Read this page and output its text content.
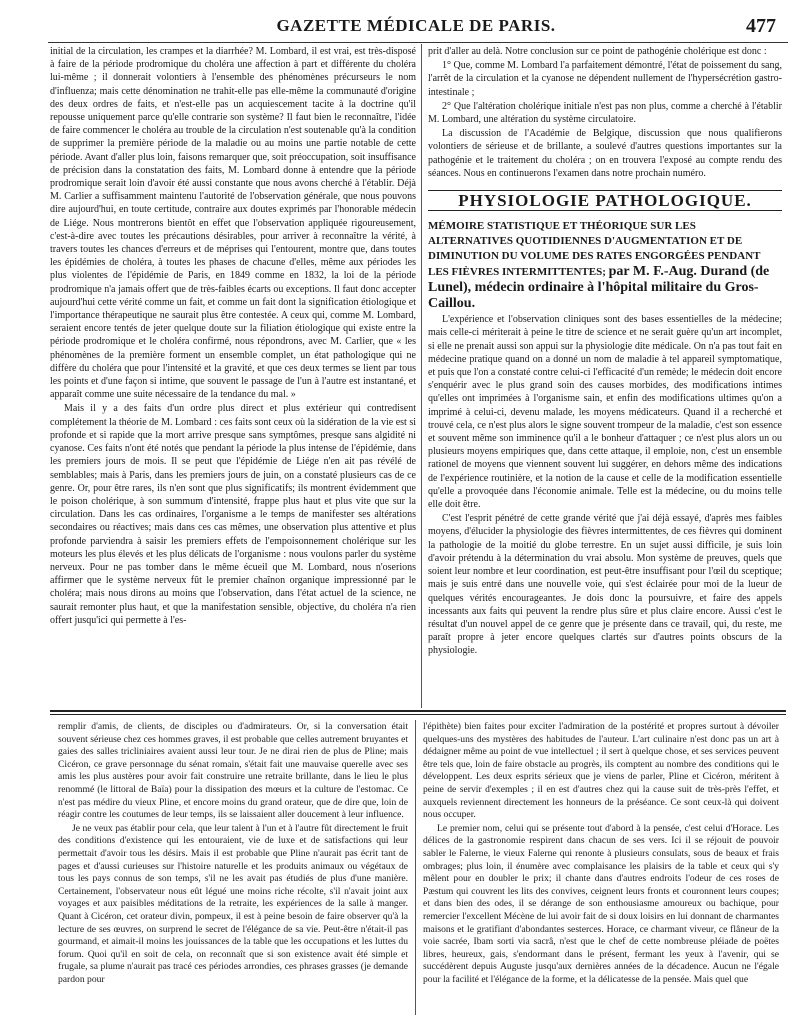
GAZETTE MÉDICALE DE PARIS.	477

initial de la circulation, les crampes et la diarrhée? M. Lombard, il est vrai, est très-disposé à faire de la période prodromique du choléra une affection à part et différente du choléra lui-même ; il donnerait volontiers à l'ensemble des phénomènes précurseurs le nom d'influenza; mais cette dénomination ne trahit-elle pas elle-même la communauté d'origine des deux ordres de faits, et n'est-elle pas un acquiescement tacite à la doctrine qu'il repousse uniquement parce qu'elle contrarie son système? Il faut bien le reconnaître, l'idée de faire commencer le choléra au trouble de la circulation n'est soutenable qu'à la condition de supprimer la première période de la maladie ou au moins une partie notable de cette période. Avant d'aller plus loin, faisons remarquer que, soit préoccupation, soit insuffisance de précision dans la constatation des faits, M. Lombard donne à entendre que la période prodromique serait loin d'avoir été aussi constante que nous avons cherché à l'établir. Déjà M. Carlier a suffisamment maintenu l'autorité de l'observation générale, que nous pouvons dire aujourd'hui, en toute certitude, contraire aux doutes exprimés par l'honorable médecin de Liége. Nous montrerons bientôt en effet que l'observation appliquée rigoureusement, c'est-à-dire avec toutes les précautions désirables, pour arriver à reconnaître la vérité, à travers toutes les chances d'erreurs et de méprises qui l'entourent, montre que, dans toutes les épidémies de choléra, à toutes les phases de chacune d'elles, même aux périodes les plus violentes de l'épidémie de Paris, en 1849 comme en 1832, la loi de la période prodromique n'a jamais offert que de très-faibles écarts ou exceptions. Il faut donc accepter aujourd'hui cette vérité comme un fait, et comme un fait dont la signification étiologique et l'importance thérapeutique ne saurait plus être contestée. A ceux qui, comme M. Lombard, seraient encore tentés de jeter quelque doute sur la filiation étiologique qui existe entre la période prodromique et le choléra confirmé, nous répondrons, avec M. Carlier, que « les phénomènes de la première forment un ensemble complet, un état pathologique qui ne diffère du choléra que pour l'intensité et la gravité, et que ces deux termes se lient par tous les points et d'une façon si intime, que souvent le passage de l'un à l'autre est instantané, et apparaît comme une suite nécessaire de la tendance du mal. »

Mais il y a des faits d'un ordre plus direct et plus extérieur qui contredisent complétement la théorie de M. Lombard : ces faits sont ceux où la sidération de la vie est si profonde et si rapide que la mort arrive presque sans symptômes, presque sans algidité ni cyanose. Ces faits n'ont été notés que pendant la période la plus intense de l'épidémie, dans les premiers jours de mois. Il se peut que l'épidémie de Liége n'en ait pas révélé de semblables; mais à Paris, dans les premiers jours de juin, on a constaté plusieurs cas de ce genre. Or, pour être rares, ils n'en sont que plus significatifs; ils montrent évidemment que le poison cholérique, à son summum d'intensité, frappe plus haut et plus vite que sur la circulation. Dans les cas ordinaires, l'organisme a le temps de manifester ses altérations secondaires ou réactives; mais dans ces cas mêmes, une observation plus attentive et plus profonde parviendra à saisir les premiers effets de l'empoisonnement cholérique sur les moteurs les plus élevés et les plus délicats de l'organisme : nous voulons parler du système nerveux. Pour ne pas tomber dans le même écueil que M. Lombard, nous n'oserions affirmer que le système nerveux fût le premier chaînon organique impressionné par le choléra; mais nous dirons au moins que l'observation, dans l'état actuel de la science, ne saurait remonter plus haut, et que la manifestation sensible, objective, du choléra n'a rien offert jusqu'ici qui permette à l'es-

prit d'aller au delà. Notre conclusion sur ce point de pathogénie cholérique est donc :

1° Que, comme M. Lombard l'a parfaitement démontré, l'état de poissement du sang, l'arrêt de la circulation et la cyanose ne dépendent nullement de l'hypersécrétion gastro-intestinale ;

2° Que l'altération cholérique initiale n'est pas non plus, comme a cherché à l'établir M. Lombard, une altération du système circulatoire.

La discussion de l'Académie de Belgique, discussion que nous qualifierons volontiers de sérieuse et de brillante, a soulevé d'autres questions importantes sur la pathogénie et le traitement du choléra ; on en trouvera l'exposé au compte rendu des séances. Nous en continuerons l'examen dans notre prochain numéro.

PHYSIOLOGIE PATHOLOGIQUE.

MÉMOIRE STATISTIQUE ET THÉORIQUE SUR LES ALTERNATIVES QUOTIDIENNES D'AUGMENTATION ET DE DIMINUTION DU VOLUME DES RATES ENGORGÉES PENDANT LES FIÈVRES INTERMITTENTES; par M. F.-Aug. Durand (de Lunel), médecin ordinaire à l'hôpital militaire du Gros-Caillou.

L'expérience et l'observation cliniques sont des bases essentielles de la médecine; mais celle-ci mériterait à peine le titre de science et ne serait guère qu'un art incomplet, si elle ne prenait aussi son appui sur la physiologie dite médicale. On n'a pas tout fait en médecine pratique quand on a donné un nom de maladie à tel appareil symptomatique, et puis que l'on a constaté contre celui-ci l'efficacité d'un remède; le médecin doit encore s'enquérir avec le plus grand soin des causes morbides, des modifications intimes qu'elles ont imprimées à l'organisme sain, et enfin des modifications ultimes qu'on a imprimé à celui-ci, devenu malade, les moyens médicateurs. Quand il a recherché et trouvé cela, ce n'est plus alors le signe souvent trompeur de la maladie, c'est son essence et souvent même son imminence qu'il a le bonheur d'attaquer ; ce n'est plus alors un ou plusieurs moyens empiriques que, dans cette attaque, il emploie, non, c'est un ensemble rationel de moyens que viennent souvent lui suggérer, en dehors même des indications de l'expérience routinière, et la notion de la cause et celle de la modification essentielle qu'elle a provoquée dans l'économie animale. Telle est la médecine, ou du moins telle elle doit être.

C'est l'esprit pénétré de cette grande vérité que j'ai déjà essayé, d'après mes faibles moyens, d'élucider la physiologie des fièvres intermittentes, de ces fièvres qui dominent la pathologie de la moitié du globe terrestre. En un sujet aussi difficile, je suis loin d'avoir prétendu à la détermination du vrai absolu. Mon système de preuves, quels que soient leur nombre et leur coordination, est peut-être insuffisant pour l'œil du sceptique; mais je suis entré dans une nouvelle voie, qui s'est éclairée pour moi de la lueur de quelques vérités encourageantes. Je dois donc la poursuivre, et faire des appels incessants aux faits qui peuvent la rendre plus sûre et plus claire encore. Aussi c'est le résultat d'un nouvel appel de ce genre que je présente dans ce travail, qui, du reste, me paraît propre à jeter encore quelques clartés sur d'autres points obscurs de la physiologie.

remplir d'amis, de clients, de disciples ou d'admirateurs. Or, si la conversation était souvent sérieuse chez ces hommes graves, il est probable que celles autrement bruyantes et gaies des salles tricliniaires avaient aussi leur tour. Je ne dirai rien de plus de Pline; mais Cicéron, ce grave personnage du sénat romain, s'était fait une mauvaise querelle avec ses amis les plus austères pour avoir fait construire une retraite brillante, dans le lieu le plus renommé (le littoral de Baïa) pour la dissipation des mœurs et la culture de l'estomac. Ce n'est pas médire du vieux Pline, et encore moins du grand orateur, que de dire que, loin de réagir contre les coutumes de leur temps, ils se laissaient aller doucement à leur influence.

Je ne veux pas établir pour cela, que leur talent à l'un et à l'autre fût directement le fruit des conditions d'existence qui les entouraient, vie de luxe et de satisfactions qui leur permettait d'avoir tous les désirs. Mais il est probable que Pline n'aurait pas écrit tant de pages et d'aussi curieuses sur l'histoire naturelle et les produits animaux ou végétaux de tous les pays connus de son temps, s'il ne les avait pas étudiés de plus d'une manière. Certainement, l'observateur nous eût légué une moins riche récolte, s'il n'avait joint aux voyages et aux paisibles méditations de la retraite, les expériences de la salle à manger. Quant à Cicéron, cet orateur divin, pompeux, il est à peine besoin de faire observer qu'à la lecture de ses œuvres, on surprend le secret de l'élégance de sa vie. Peut-être n'était-il pas gourmand, et aimait-il moins les jouissances de la table que les occupations et les luttes du forum. Quoi qu'il en soit de cela, on reconnaît que si son existence avait été simple et frugale, sa plume n'aurait pas tracé ces périodes arrondies, ces phrases grasses (je demande pardon pour

l'épithète) bien faites pour exciter l'admiration de la postérité et propres surtout à dévoiler quelques-uns des mystères des habitudes de l'auteur. L'art culinaire n'est donc pas un art à dédaigner même au point de vue intellectuel ; il sert à quelque chose, et ses services peuvent être tels que, loin de faire obstacle au progrès, ils comptent au nombre des conditions qui le développent. Les deux esprits sérieux que je viens de parler, Pline et Cicéron, méritent à peine de servir d'exemples ; il en est d'autres chez qui la cause suit de très-près l'effet, et auxquels reviennent directement les honneurs de la préséance. Ce sont ceux-là qui doivent nous occuper.

Le premier nom, celui qui se présente tout d'abord à la pensée, c'est celui d'Horace. Les délices de la gastronomie respirent dans chacun de ses vers. Ici il se réjouit de pouvoir sabler le Falerne, le vieux Falerne qui renonte à plusieurs consulats, sous de beaux et frais ombrages; plus loin, il énumère avec complaisance les plaisirs de la table et ceux qui s'y mêlent pour en doubler le prix; il chante dans d'autres endroits l'odeur de ces roses de Pæstum qui couvrent les lits des convives, ceignent leurs fronts et couronnent leurs coupes; et dans bien des odes, il se dérange de son enthousiasme amoureux ou bachique, pour remercier l'excellent Mécène de lui avoir fait de si doux loisirs en lui donnant de charmantes maisons et le gratifiant d'abondantes sesterces. Horace, ce charmant viveur, ce flâneur de la voie sacrée, Ibam sorti via sacrâ, n'est que le chef de cette nombreuse pléiade de poëtes libres, heureux, gais, s'endormant dans le présent, fermant les yeux à l'avenir, qui se succédèrent depuis Auguste jusqu'aux dernières années de la décadence. Aucun ne l'égale pour la facilité et l'élégance de la forme, et la délicatesse de la pensée. Mais quel que
